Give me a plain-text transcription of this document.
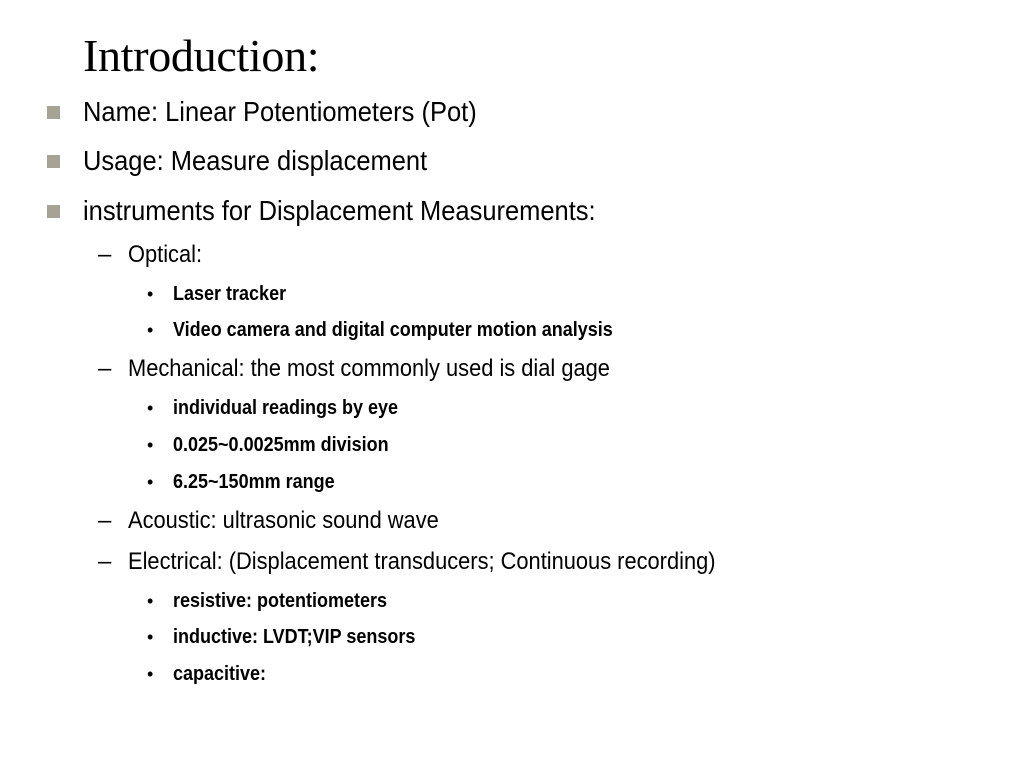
Introduction:
Name: Linear Potentiometers (Pot)
Usage: Measure displacement
instruments for Displacement Measurements:
– Optical:
• Laser tracker
• Video camera and digital computer motion analysis
– Mechanical: the most commonly used is dial gage
• individual readings by eye
• 0.025~0.0025mm division
• 6.25~150mm range
– Acoustic: ultrasonic sound wave
– Electrical: (Displacement transducers; Continuous recording)
• resistive: potentiometers
• inductive: LVDT;VIP sensors
• capacitive:
